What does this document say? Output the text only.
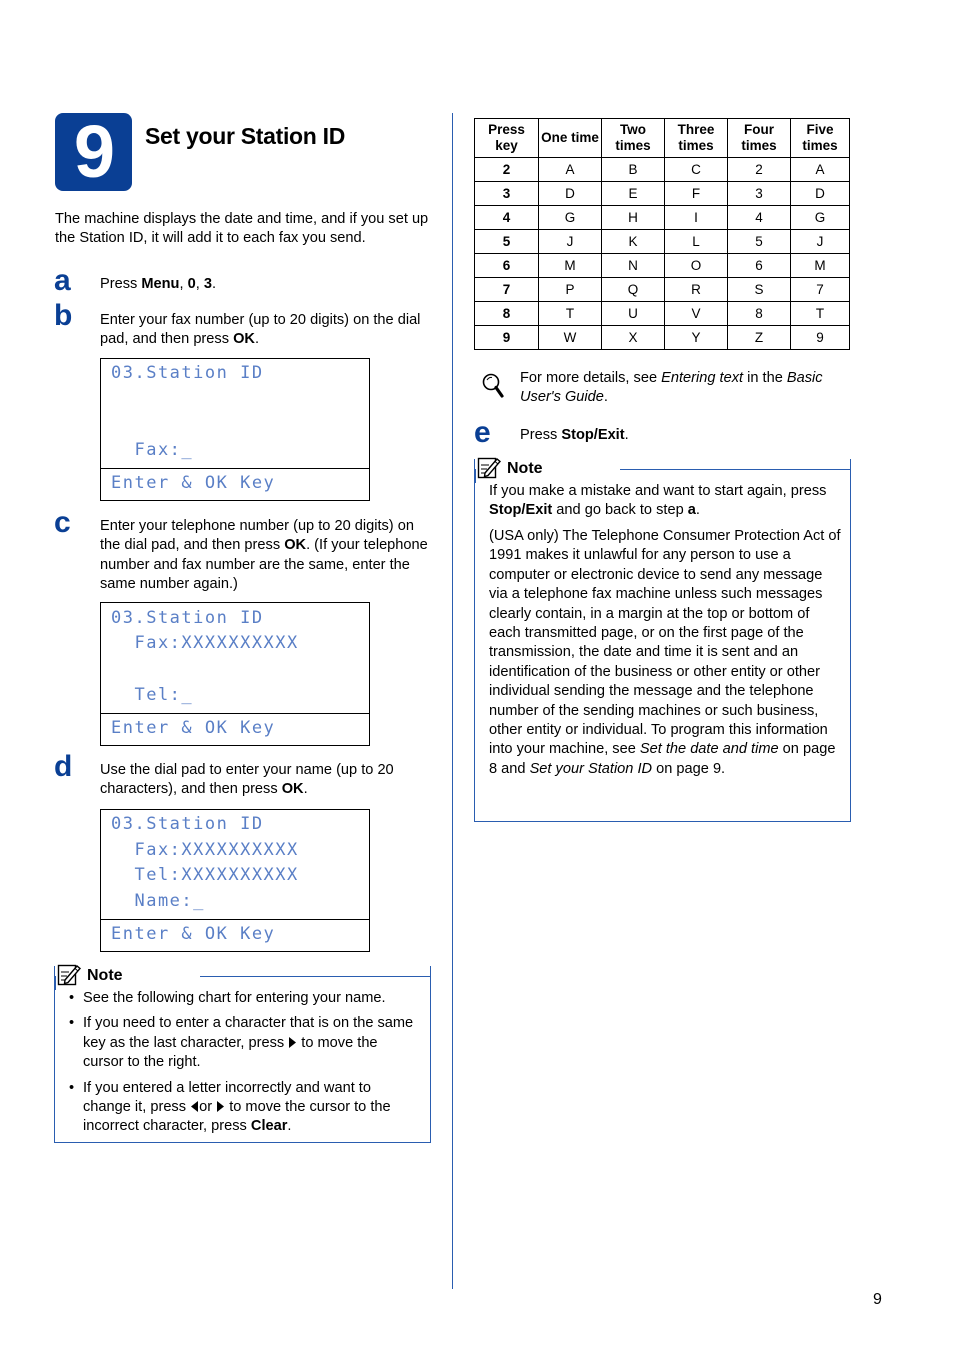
9	Set your Station ID
The machine displays the date and time, and if you set up the Station ID, it will add it to each fax you send.
a Press Menu, 0, 3.
b Enter your fax number (up to 20 digits) on the dial pad, and then press OK.
03.Station ID
Fax:_
Enter & OK Key
c Enter your telephone number (up to 20 digits) on the dial pad, and then press OK. (If your telephone number and fax number are the same, enter the same number again.)
03.Station ID
Fax:XXXXXXXXXX
Tel:_
Enter & OK Key
d Use the dial pad to enter your name (up to 20 characters), and then press OK.
03.Station ID
Fax:XXXXXXXXXX
Tel:XXXXXXXXXX
Name:_
Enter & OK Key
Note
• See the following chart for entering your name.
• If you need to enter a character that is on the same key as the last character, press to move the cursor to the right.
• If you entered a letter incorrectly and want to change it, press or to move the cursor to the incorrect character, press Clear.
Press key	One time	Two times	Three times	Four times	Five times
2	A	B	C	2	A
3	D	E	F	3	D
4	G	H	I	4	G
5	J	K	L	5	J
6	M	N	O	6	M
7	P	Q	R	S	7
8	T	U	V	8	T
9	W	X	Y	Z	9
For more details, see Entering text in the Basic User's Guide.
e Press Stop/Exit.
Note
If you make a mistake and want to start again, press Stop/Exit and go back to step a.
(USA only) The Telephone Consumer Protection Act of 1991 makes it unlawful for any person to use a computer or electronic device to send any message via a telephone fax machine unless such messages clearly contain, in a margin at the top or bottom of each transmitted page, or on the first page of the transmission, the date and time it is sent and an identification of the business or other entity or other individual sending the message and the telephone number of the sending machines or such business, other entity or individual. To program this information into your machine, see Set the date and time on page 8 and Set your Station ID on page 9.
9
